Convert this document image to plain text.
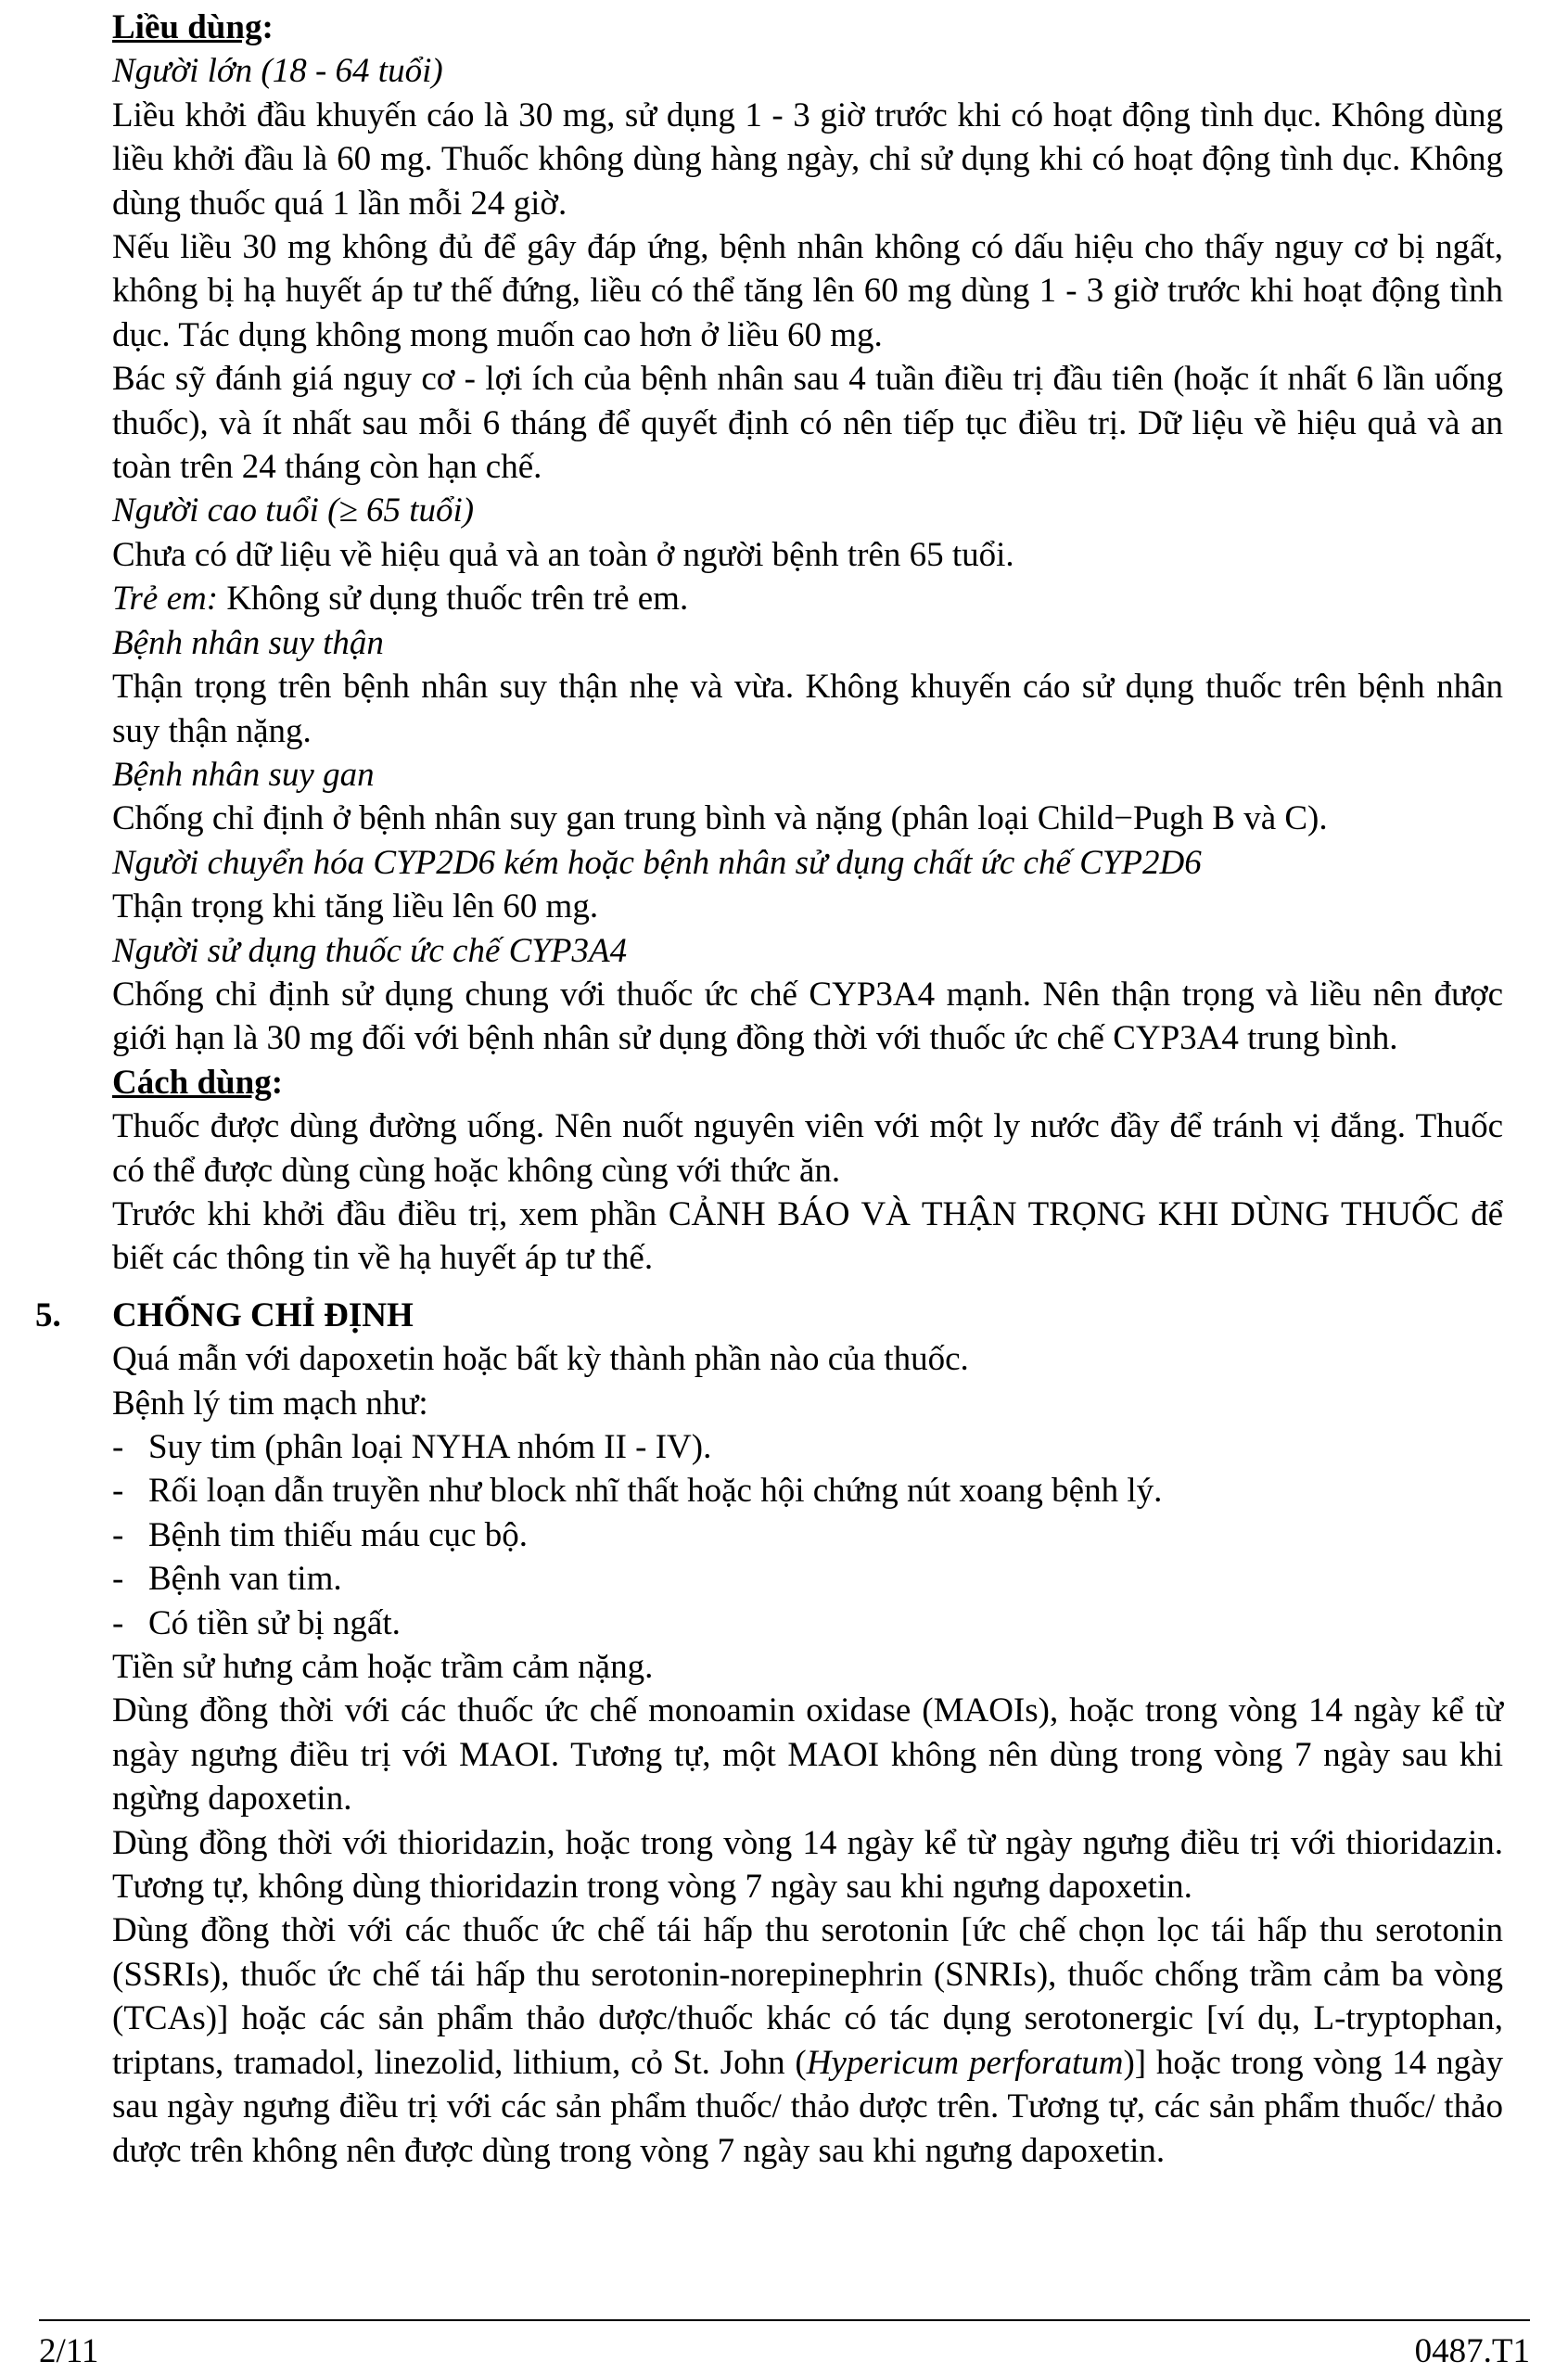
Liều dùng:

Người lớn (18 - 64 tuổi)

Liều khởi đầu khuyến cáo là 30 mg, sử dụng 1 - 3 giờ trước khi có hoạt động tình dục. Không dùng liều khởi đầu là 60 mg. Thuốc không dùng hàng ngày, chỉ sử dụng khi có hoạt động tình dục. Không dùng thuốc quá 1 lần mỗi 24 giờ.

Nếu liều 30 mg không đủ để gây đáp ứng, bệnh nhân không có dấu hiệu cho thấy nguy cơ bị ngất, không bị hạ huyết áp tư thế đứng, liều có thể tăng lên 60 mg dùng 1 - 3 giờ trước khi hoạt động tình dục. Tác dụng không mong muốn cao hơn ở liều 60 mg.

Bác sỹ đánh giá nguy cơ - lợi ích của bệnh nhân sau 4 tuần điều trị đầu tiên (hoặc ít nhất 6 lần uống thuốc), và ít nhất sau mỗi 6 tháng để quyết định có nên tiếp tục điều trị. Dữ liệu về hiệu quả và an toàn trên 24 tháng còn hạn chế.

Người cao tuổi (≥ 65 tuổi)

Chưa có dữ liệu về hiệu quả và an toàn ở người bệnh trên 65 tuổi.

Trẻ em: Không sử dụng thuốc trên trẻ em.

Bệnh nhân suy thận

Thận trọng trên bệnh nhân suy thận nhẹ và vừa. Không khuyến cáo sử dụng thuốc trên bệnh nhân suy thận nặng.

Bệnh nhân suy gan

Chống chỉ định ở bệnh nhân suy gan trung bình và nặng (phân loại Child−Pugh B và C).

Người chuyển hóa CYP2D6 kém hoặc bệnh nhân sử dụng chất ức chế CYP2D6

Thận trọng khi tăng liều lên 60 mg.

Người sử dụng thuốc ức chế CYP3A4

Chống chỉ định sử dụng chung với thuốc ức chế CYP3A4 mạnh. Nên thận trọng và liều nên được giới hạn là 30 mg đối với bệnh nhân sử dụng đồng thời với thuốc ức chế CYP3A4 trung bình.

Cách dùng:

Thuốc được dùng đường uống. Nên nuốt nguyên viên với một ly nước đầy để tránh vị đắng. Thuốc có thể được dùng cùng hoặc không cùng với thức ăn.

Trước khi khởi đầu điều trị, xem phần CẢNH BÁO VÀ THẬN TRỌNG KHI DÙNG THUỐC để biết các thông tin về hạ huyết áp tư thế.

5. CHỐNG CHỈ ĐỊNH

Quá mẫn với dapoxetin hoặc bất kỳ thành phần nào của thuốc.

Bệnh lý tim mạch như:

- Suy tim (phân loại NYHA nhóm II - IV).
- Rối loạn dẫn truyền như block nhĩ thất hoặc hội chứng nút xoang bệnh lý.
- Bệnh tim thiếu máu cục bộ.
- Bệnh van tim.
- Có tiền sử bị ngất.

Tiền sử hưng cảm hoặc trầm cảm nặng.

Dùng đồng thời với các thuốc ức chế monoamin oxidase (MAOIs), hoặc trong vòng 14 ngày kể từ ngày ngưng điều trị với MAOI. Tương tự, một MAOI không nên dùng trong vòng 7 ngày sau khi ngừng dapoxetin.

Dùng đồng thời với thioridazin, hoặc trong vòng 14 ngày kể từ ngày ngưng điều trị với thioridazin. Tương tự, không dùng thioridazin trong vòng 7 ngày sau khi ngưng dapoxetin.

Dùng đồng thời với các thuốc ức chế tái hấp thu serotonin [ức chế chọn lọc tái hấp thu serotonin (SSRIs), thuốc ức chế tái hấp thu serotonin-norepinephrin (SNRIs), thuốc chống trầm cảm ba vòng (TCAs)] hoặc các sản phẩm thảo dược/thuốc khác có tác dụng serotonergic [ví dụ, L-tryptophan, triptans, tramadol, linezolid, lithium, cỏ St. John (Hypericum perforatum)] hoặc trong vòng 14 ngày sau ngày ngưng điều trị với các sản phẩm thuốc/ thảo dược trên. Tương tự, các sản phẩm thuốc/ thảo dược trên không nên được dùng trong vòng 7 ngày sau khi ngưng dapoxetin.

2/11	0487.T1
